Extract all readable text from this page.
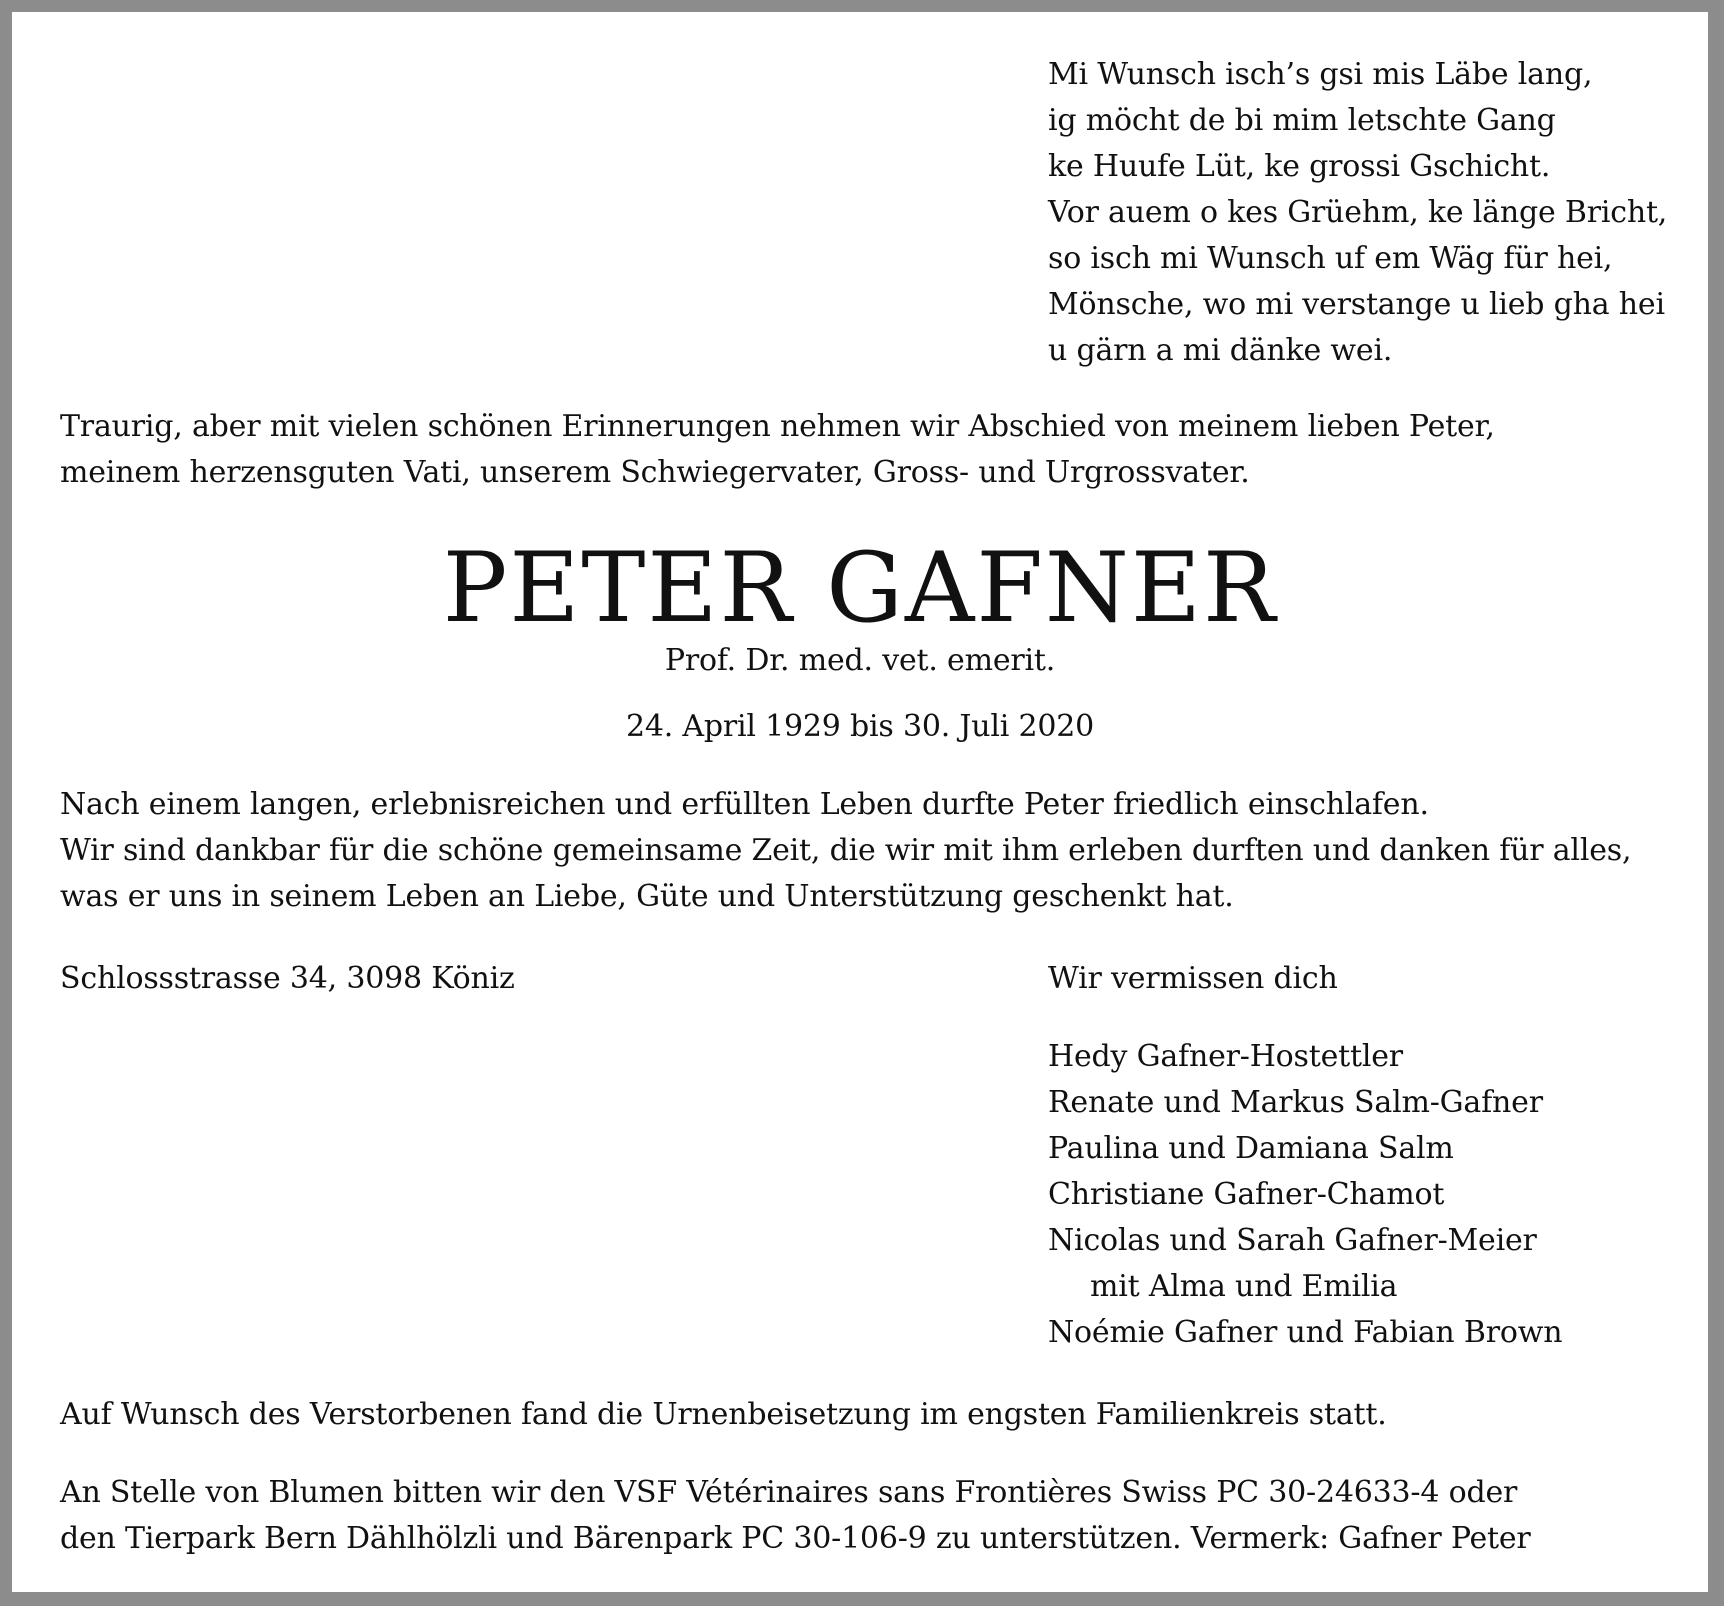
Mi Wunsch isch’s gsi mis Läbe lang,
ig möcht de bi mim letschte Gang
ke Huufe Lüt, ke grossi Gschicht.
Vor auem o kes Grüehm, ke länge Bricht,
so isch mi Wunsch uf em Wäg für hei,
Mönsche, wo mi verstange u lieb gha hei
u gärn a mi dänke wei.
Traurig, aber mit vielen schönen Erinnerungen nehmen wir Abschied von meinem lieben Peter,
meinem herzensguten Vati, unserem Schwiegervater, Gross- und Urgrossvater.
PETER GAFNER
Prof. Dr. med. vet. emerit.
24. April 1929 bis 30. Juli 2020
Nach einem langen, erlebnisreichen und erfüllten Leben durfte Peter friedlich einschlafen.
Wir sind dankbar für die schöne gemeinsame Zeit, die wir mit ihm erleben durften und danken für alles,
was er uns in seinem Leben an Liebe, Güte und Unterstützung geschenkt hat.
Schlossstrasse 34, 3098 Köniz	Wir vermissen dich
Hedy Gafner-Hostettler
Renate und Markus Salm-Gafner
Paulina und Damiana Salm
Christiane Gafner-Chamot
Nicolas und Sarah Gafner-Meier
mit Alma und Emilia
Noémie Gafner und Fabian Brown
Auf Wunsch des Verstorbenen fand die Urnenbeisetzung im engsten Familienkreis statt.
An Stelle von Blumen bitten wir den VSF Vétérinaires sans Frontières Swiss PC 30-24633-4 oder
den Tierpark Bern Dählhölzli und Bärenpark PC 30-106-9 zu unterstützen. Vermerk: Gafner Peter
